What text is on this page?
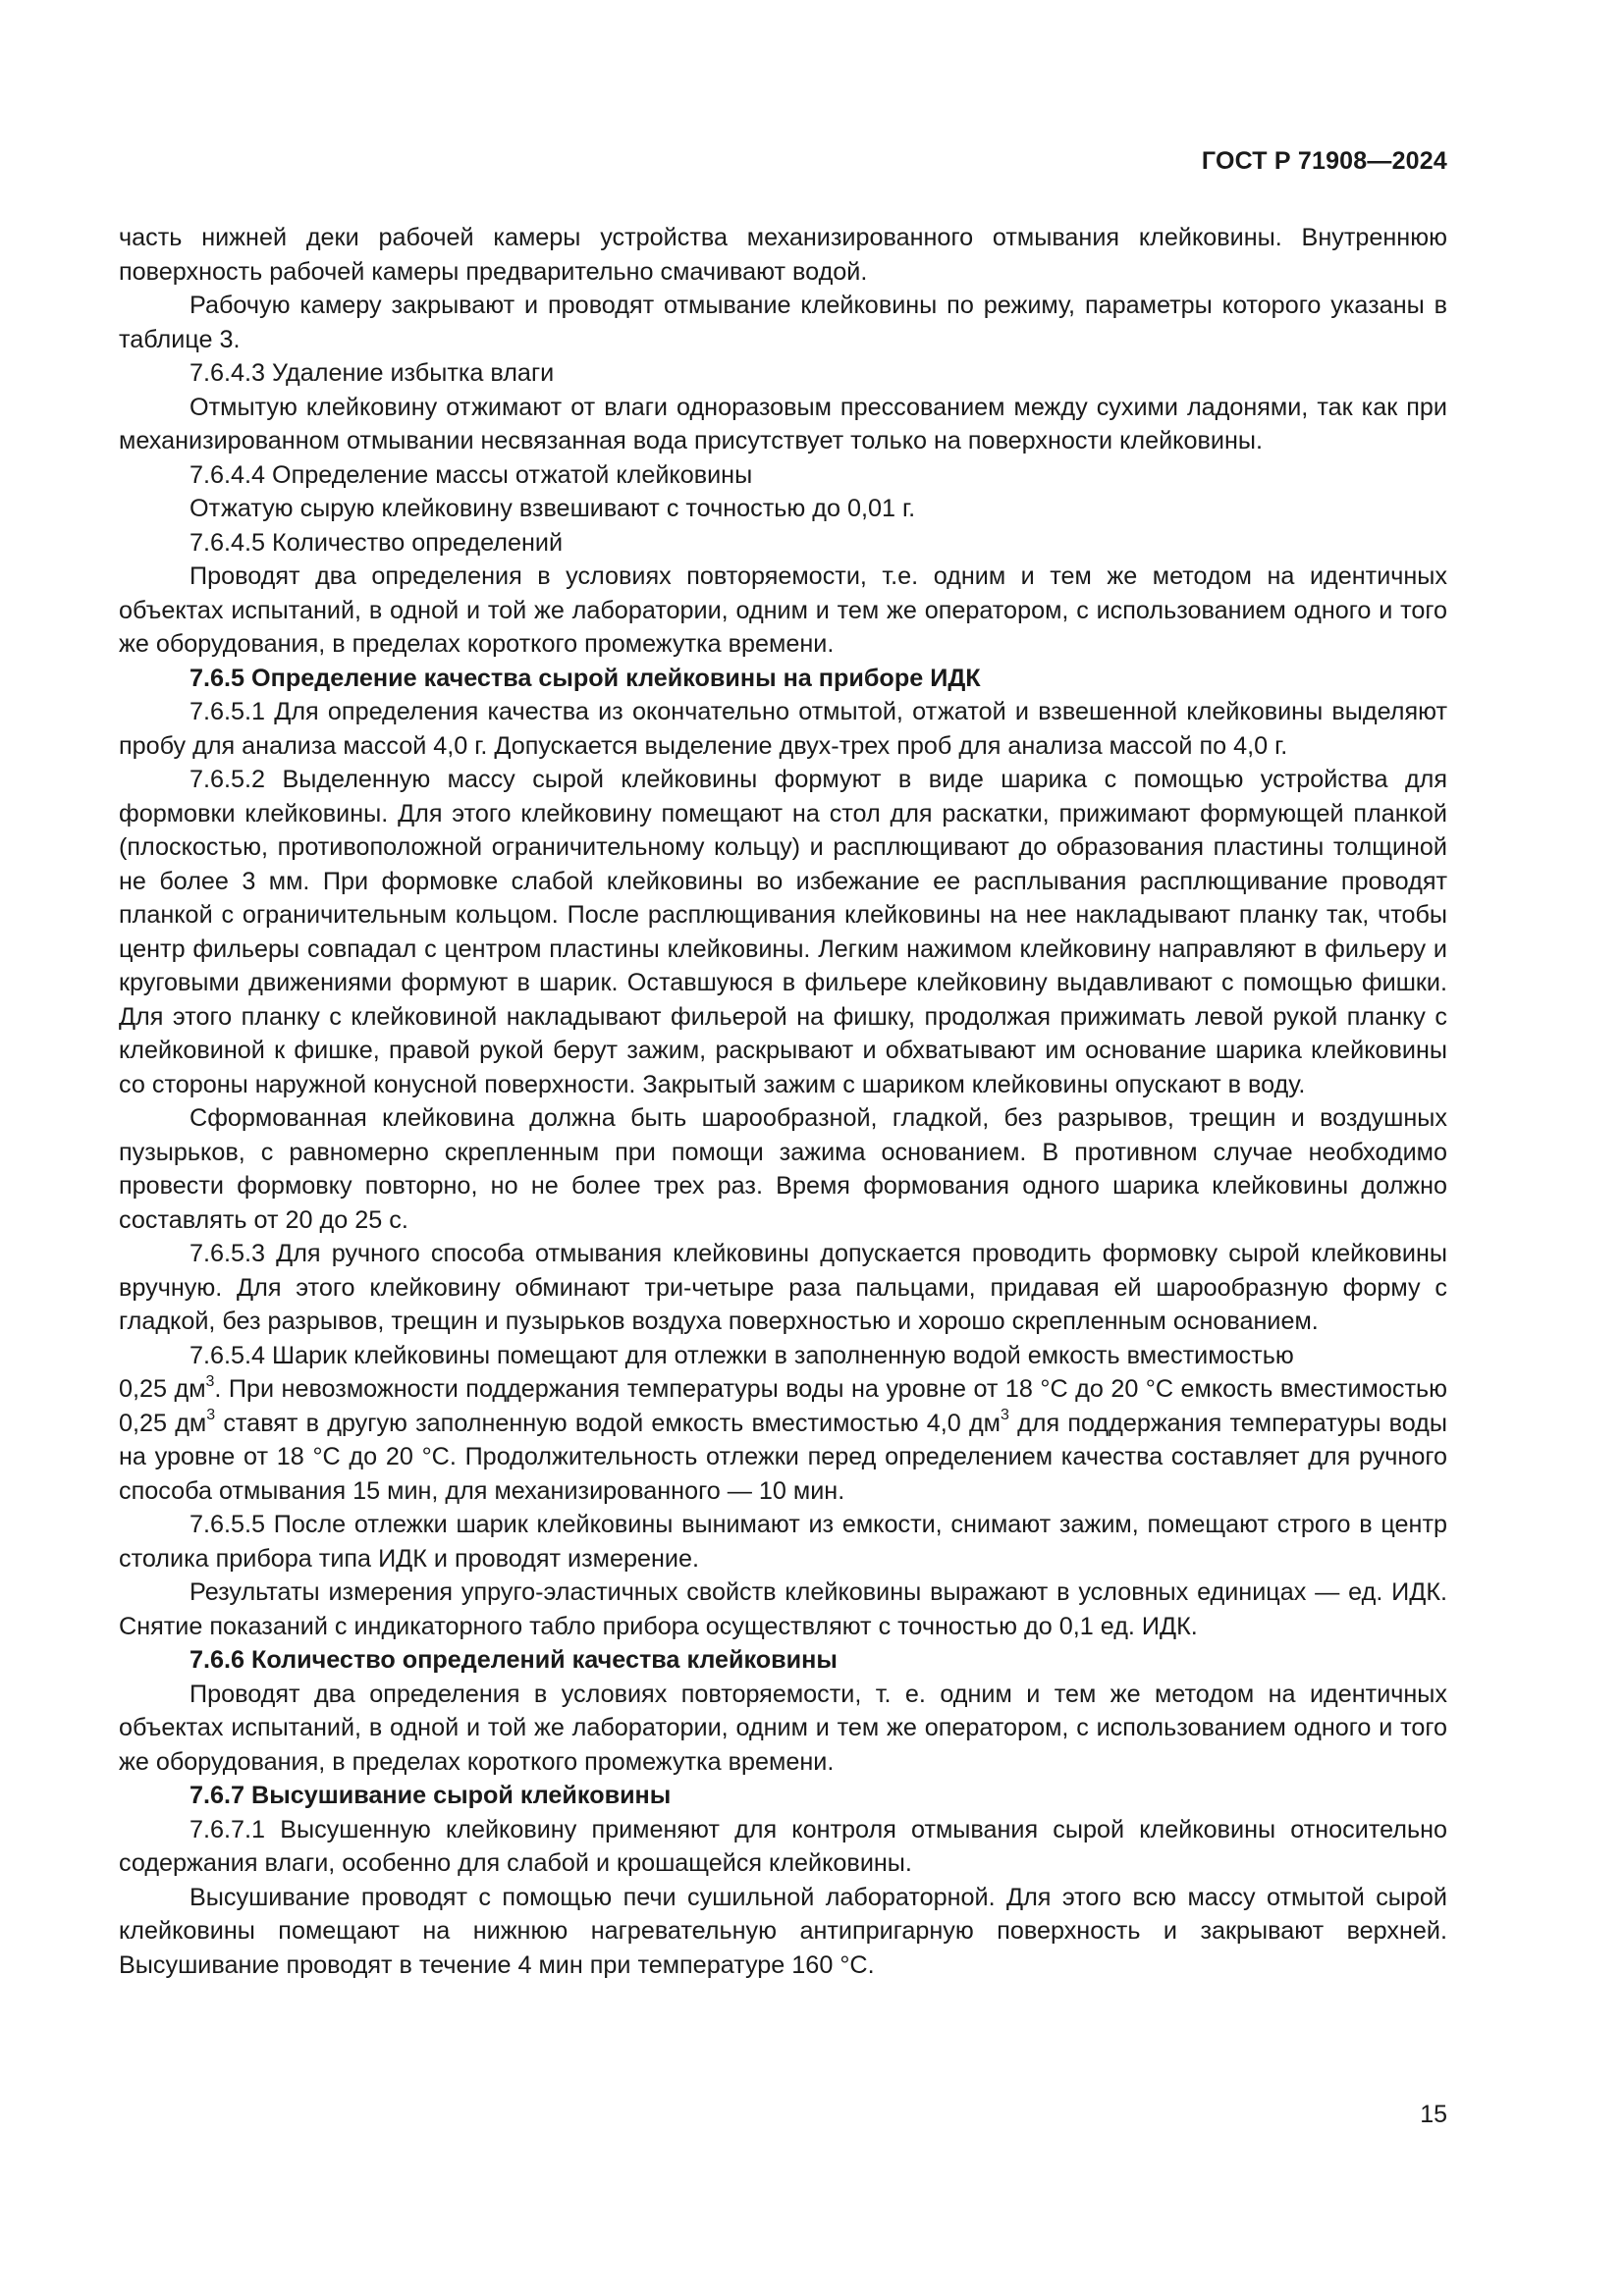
ГОСТ Р 71908—2024

часть нижней деки рабочей камеры устройства механизированного отмывания клейковины. Внутреннюю поверхность рабочей камеры предварительно смачивают водой.

Рабочую камеру закрывают и проводят отмывание клейковины по режиму, параметры которого указаны в таблице 3.

7.6.4.3 Удаление избытка влаги

Отмытую клейковину отжимают от влаги одноразовым прессованием между сухими ладонями, так как при механизированном отмывании несвязанная вода присутствует только на поверхности клейковины.

7.6.4.4 Определение массы отжатой клейковины

Отжатую сырую клейковину взвешивают с точностью до 0,01 г.

7.6.4.5 Количество определений

Проводят два определения в условиях повторяемости, т.е. одним и тем же методом на идентичных объектах испытаний, в одной и той же лаборатории, одним и тем же оператором, с использованием одного и того же оборудования, в пределах короткого промежутка времени.

7.6.5 Определение качества сырой клейковины на приборе ИДК

7.6.5.1 Для определения качества из окончательно отмытой, отжатой и взвешенной клейковины выделяют пробу для анализа массой 4,0 г. Допускается выделение двух-трех проб для анализа массой по 4,0 г.

7.6.5.2 Выделенную массу сырой клейковины формуют в виде шарика с помощью устройства для формовки клейковины. Для этого клейковину помещают на стол для раскатки, прижимают формующей планкой (плоскостью, противоположной ограничительному кольцу) и расплющивают до образования пластины толщиной не более 3 мм. При формовке слабой клейковины во избежание ее расплывания расплющивание проводят планкой с ограничительным кольцом. После расплющивания клейковины на нее накладывают планку так, чтобы центр фильеры совпадал с центром пластины клейковины. Легким нажимом клейковину направляют в фильеру и круговыми движениями формуют в шарик. Оставшуюся в фильере клейковину выдавливают с помощью фишки. Для этого планку с клейковиной накладывают фильерой на фишку, продолжая прижимать левой рукой планку с клейковиной к фишке, правой рукой берут зажим, раскрывают и обхватывают им основание шарика клейковины со стороны наружной конусной поверхности. Закрытый зажим с шариком клейковины опускают в воду.

Сформованная клейковина должна быть шарообразной, гладкой, без разрывов, трещин и воздушных пузырьков, с равномерно скрепленным при помощи зажима основанием. В противном случае необходимо провести формовку повторно, но не более трех раз. Время формования одного шарика клейковины должно составлять от 20 до 25 с.

7.6.5.3 Для ручного способа отмывания клейковины допускается проводить формовку сырой клейковины вручную. Для этого клейковину обминают три-четыре раза пальцами, придавая ей шарообразную форму с гладкой, без разрывов, трещин и пузырьков воздуха поверхностью и хорошо скрепленным основанием.

7.6.5.4 Шарик клейковины помещают для отлежки в заполненную водой емкость вместимостью
0,25 $дм^3$. При невозможности поддержания температуры воды на уровне от 18 °C до 20 °C емкость вместимостью 0,25 $дм^3$ ставят в другую заполненную водой емкость вместимостью 4,0 $дм^3$ для поддержания температуры воды на уровне от 18 °C до 20 °C. Продолжительность отлежки перед определением качества составляет для ручного способа отмывания 15 мин, для механизированного — 10 мин.

7.6.5.5 После отлежки шарик клейковины вынимают из емкости, снимают зажим, помещают строго в центр столика прибора типа ИДК и проводят измерение.

Результаты измерения упруго-эластичных свойств клейковины выражают в условных единицах — ед. ИДК. Снятие показаний с индикаторного табло прибора осуществляют с точностью до 0,1 ед. ИДК.

7.6.6 Количество определений качества клейковины

Проводят два определения в условиях повторяемости, т. е. одним и тем же методом на идентичных объектах испытаний, в одной и той же лаборатории, одним и тем же оператором, с использованием одного и того же оборудования, в пределах короткого промежутка времени.

7.6.7 Высушивание сырой клейковины

7.6.7.1 Высушенную клейковину применяют для контроля отмывания сырой клейковины относительно содержания влаги, особенно для слабой и крошащейся клейковины.

Высушивание проводят с помощью печи сушильной лабораторной. Для этого всю массу отмытой сырой клейковины помещают на нижнюю нагревательную антипригарную поверхность и закрывают верхней. Высушивание проводят в течение 4 мин при температуре 160 °C.

15
